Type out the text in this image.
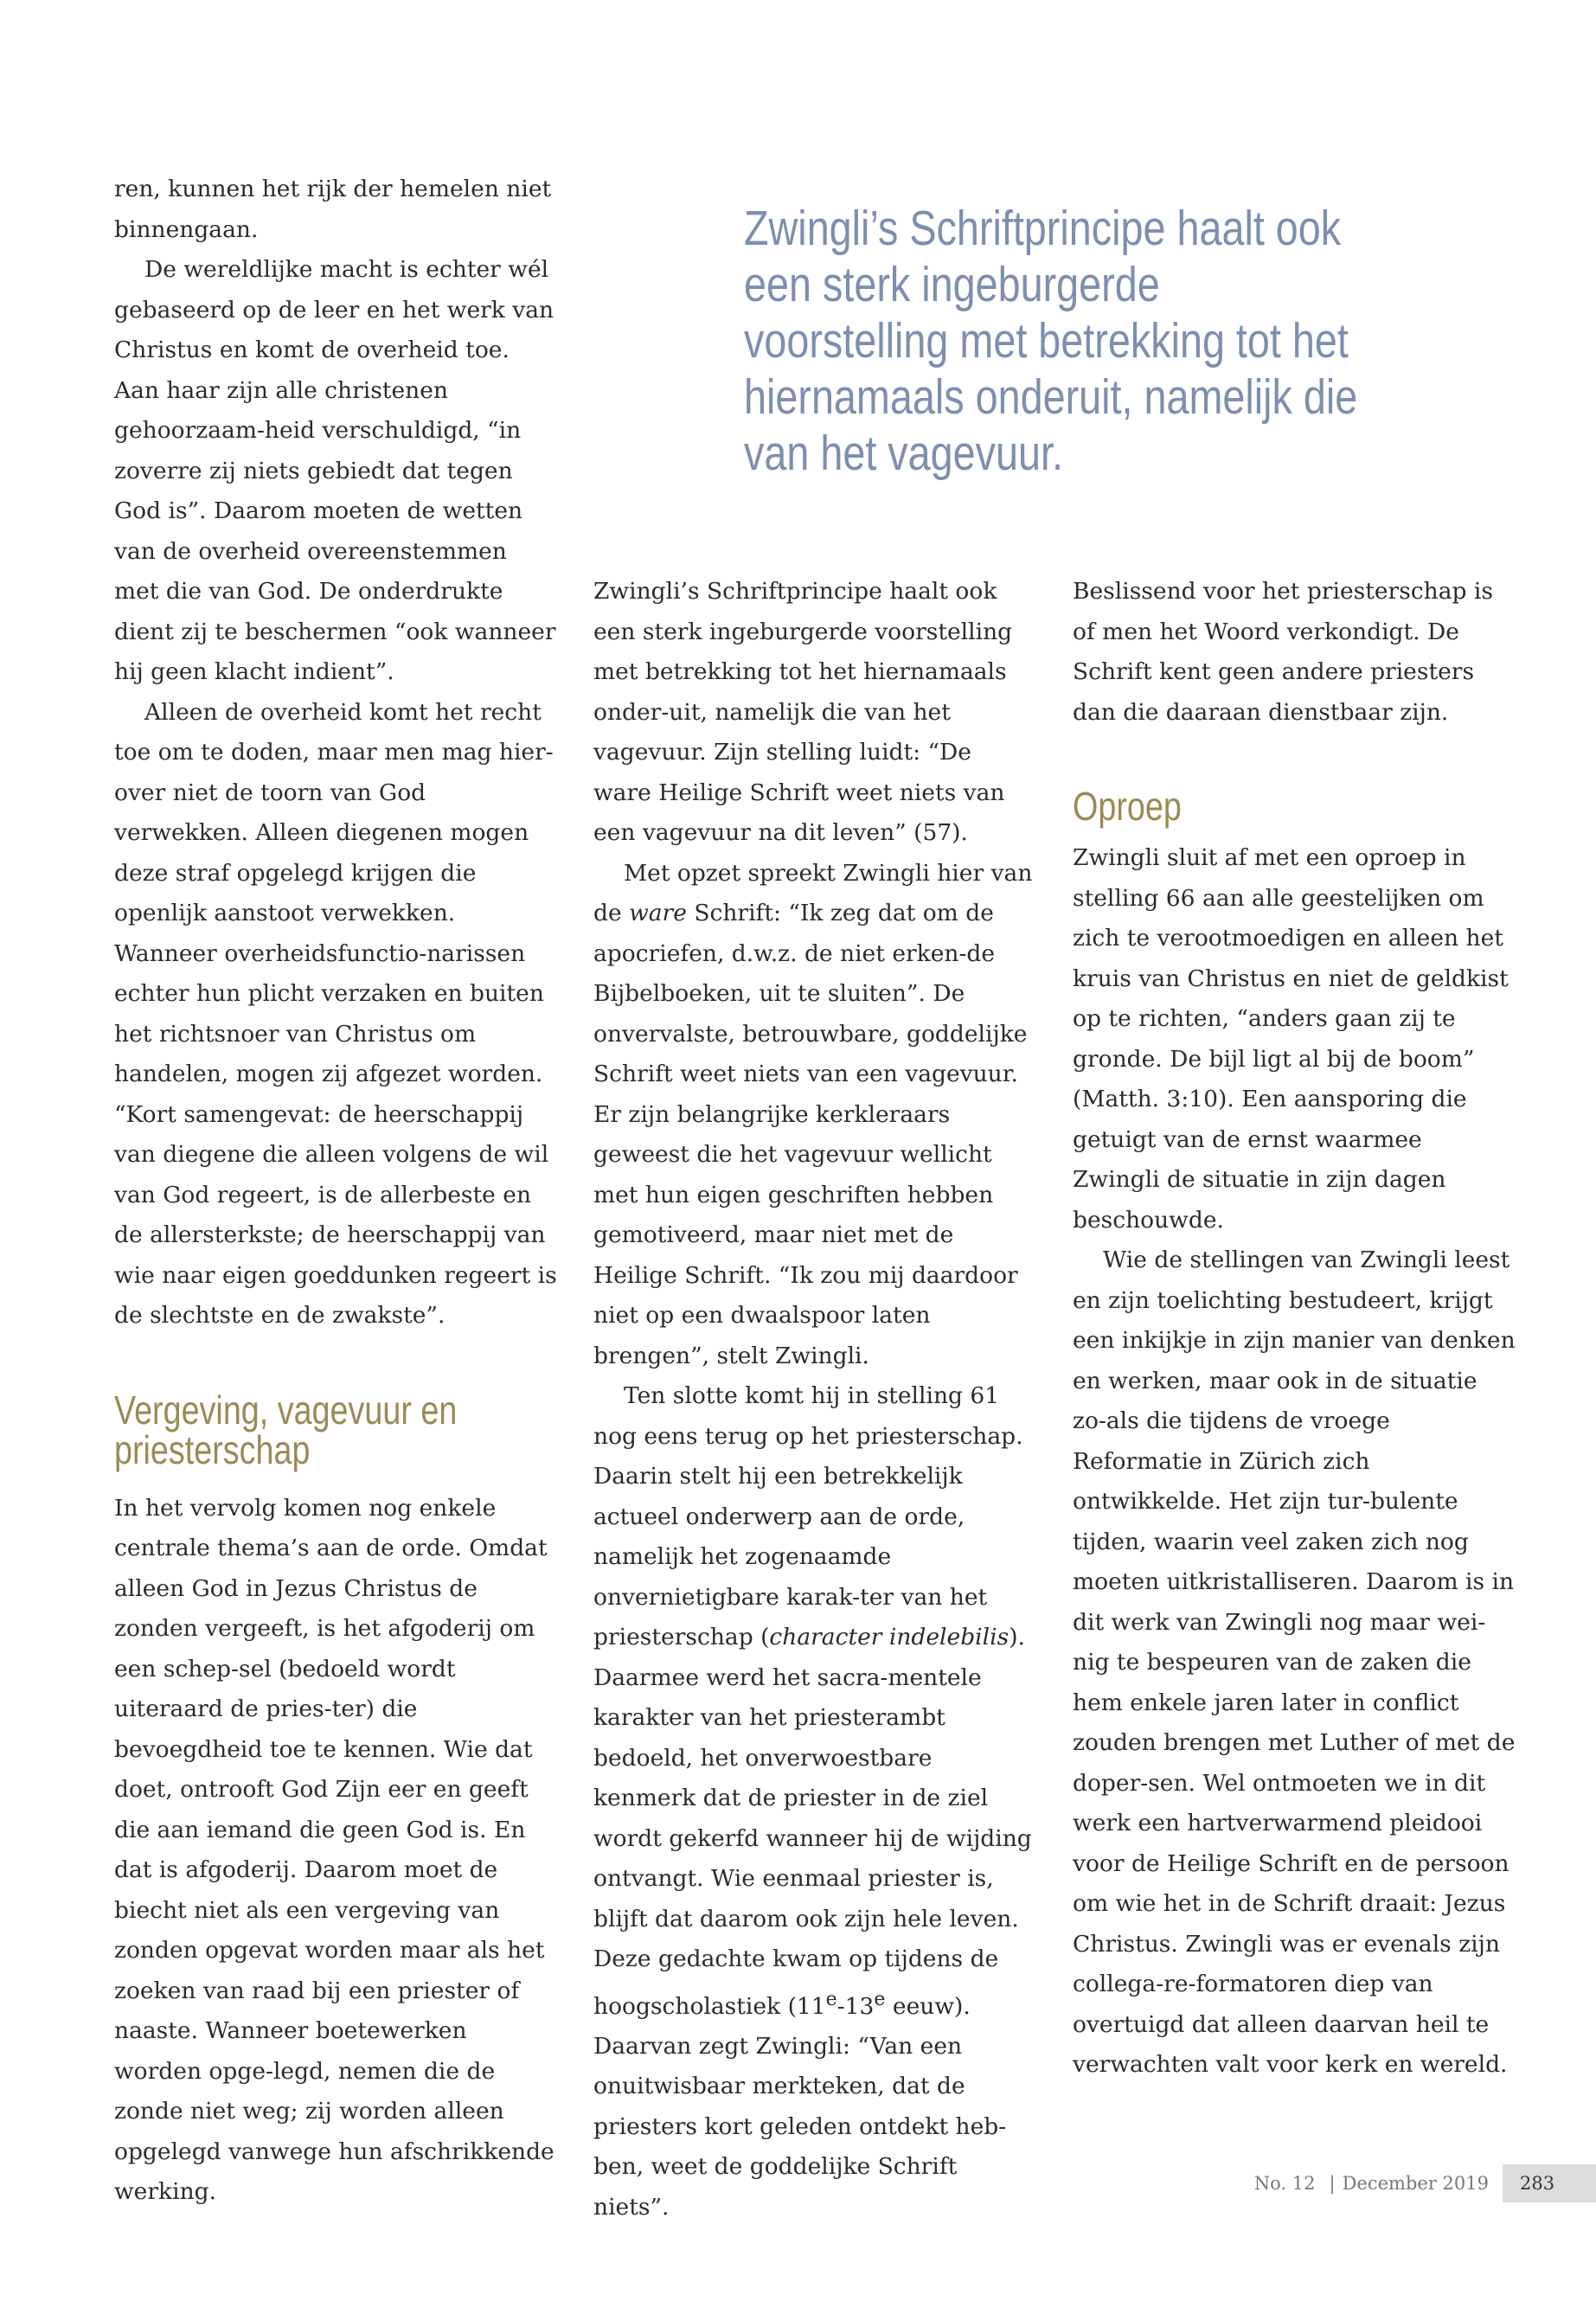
Zwingli’s Schriftprincipe haalt ook een sterk ingeburgerde voorstelling met betrekking tot het hiernamaals onderuit, namelijk die van het vagevuur.

ren, kunnen het rijk der hemelen niet binnengaan.

De wereldlijke macht is echter wél gebaseerd op de leer en het werk van Christus en komt de overheid toe. Aan haar zijn alle christenen gehoorzaam-heid verschuldigd, “in zoverre zij niets gebiedt dat tegen God is”. Daarom moeten de wetten van de overheid overeenstemmen met die van God. De onderdrukte dient zij te beschermen “ook wanneer hij geen klacht indient”.

Alleen de overheid komt het recht toe om te doden, maar men mag hier-over niet de toorn van God verwekken. Alleen diegenen mogen deze straf opgelegd krijgen die openlijk aanstoot verwekken. Wanneer overheidsfunctio-narissen echter hun plicht verzaken en buiten het richtsnoer van Christus om handelen, mogen zij afgezet worden. “Kort samengevat: de heerschappij van diegene die alleen volgens de wil van God regeert, is de allerbeste en de allersterkste; de heerschappij van wie naar eigen goeddunken regeert is de slechtste en de zwakste”.

Vergeving, vagevuur en priesterschap

In het vervolg komen nog enkele centrale thema’s aan de orde. Omdat alleen God in Jezus Christus de zonden vergeeft, is het afgoderij om een schep-sel (bedoeld wordt uiteraard de pries-ter) die bevoegdheid toe te kennen. Wie dat doet, ontrooft God Zijn eer en geeft die aan iemand die geen God is. En dat is afgoderij. Daarom moet de biecht niet als een vergeving van zonden opgevat worden maar als het zoeken van raad bij een priester of naaste. Wanneer boetewerken worden opge-legd, nemen die de zonde niet weg; zij worden alleen opgelegd vanwege hun afschrikkende werking.

Zwingli’s Schriftprincipe haalt ook een sterk ingeburgerde voorstelling met betrekking tot het hiernamaals onder-uit, namelijk die van het vagevuur. Zijn stelling luidt: “De ware Heilige Schrift weet niets van een vagevuur na dit leven” (57).

Met opzet spreekt Zwingli hier van de ware Schrift: “Ik zeg dat om de apocriefen, d.w.z. de niet erken-de Bijbelboeken, uit te sluiten”. De onvervalste, betrouwbare, goddelijke Schrift weet niets van een vagevuur. Er zijn belangrijke kerkleraars geweest die het vagevuur wellicht met hun eigen geschriften hebben gemotiveerd, maar niet met de Heilige Schrift. “Ik zou mij daardoor niet op een dwaalspoor laten brengen”, stelt Zwingli.

Ten slotte komt hij in stelling 61 nog eens terug op het priesterschap. Daarin stelt hij een betrekkelijk actueel onderwerp aan de orde, namelijk het zogenaamde onvernietigbare karak-ter van het priesterschap (character indelebilis). Daarmee werd het sacra-mentele karakter van het priesterambt bedoeld, het onverwoestbare kenmerk dat de priester in de ziel wordt gekerfd wanneer hij de wijding ontvangt. Wie eenmaal priester is, blijft dat daarom ook zijn hele leven. Deze gedachte kwam op tijdens de hoogscholastiek (11e-13e eeuw). Daarvan zegt Zwingli: “Van een onuitwisbaar merkteken, dat de priesters kort geleden ontdekt heb-ben, weet de goddelijke Schrift niets”.

Beslissend voor het priesterschap is of men het Woord verkondigt. De Schrift kent geen andere priesters dan die daaraan dienstbaar zijn.

Oproep

Zwingli sluit af met een oproep in stelling 66 aan alle geestelijken om zich te verootmoedigen en alleen het kruis van Christus en niet de geldkist op te richten, “anders gaan zij te gronde. De bijl ligt al bij de boom” (Matth. 3:10). Een aansporing die getuigt van de ernst waarmee Zwingli de situatie in zijn dagen beschouwde.

Wie de stellingen van Zwingli leest en zijn toelichting bestudeert, krijgt een inkijkje in zijn manier van denken en werken, maar ook in de situatie zo-als die tijdens de vroege Reformatie in Zürich zich ontwikkelde. Het zijn tur-bulente tijden, waarin veel zaken zich nog moeten uitkristalliseren. Daarom is in dit werk van Zwingli nog maar wei-nig te bespeuren van de zaken die hem enkele jaren later in conflict zouden brengen met Luther of met de doper-sen. Wel ontmoeten we in dit werk een hartverwarmend pleidooi voor de Heilige Schrift en de persoon om wie het in de Schrift draait: Jezus Christus. Zwingli was er evenals zijn collega-re-formatoren diep van overtuigd dat alleen daarvan heil te verwachten valt voor kerk en wereld.

No. 12 | December 2019	283
